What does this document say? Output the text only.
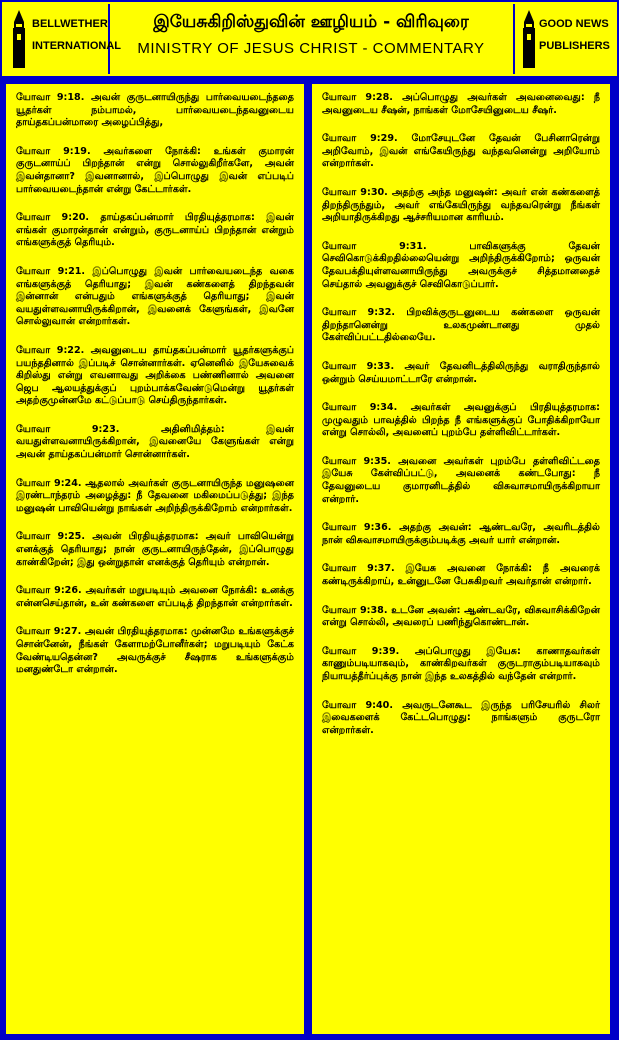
BELLWETHER
INTERNATIONAL
இயேசுகிறிஸ்துவின் ஊழியம் - விரிவுரை
MINISTRY OF JESUS CHRIST - COMMENTARY
GOOD NEWS
PUBLISHERS

யோவா 9:18. அவன் குருடனாயிருந்து பார்வையடைந்ததை யூதர்கள் நம்பாமல், பார்வையடைந்தவனுடைய தாய்தகப்பன்மாரை அழைப்பித்து,

யோவா 9:19. அவர்களை நோக்கி: உங்கள் குமாரன் குருடனாய்ப் பிறந்தான் என்று சொல்லுகிறீர்களே, அவன் இவன்தானா? இவனானால், இப்பொழுது இவன் எப்படிப் பார்வையடைந்தான் என்று கேட்டார்கள்.

யோவா 9:20. தாய்தகப்பன்மார் பிரதியுத்தரமாக: இவன் எங்கள் குமாரன்தான் என்றும், குருடனாய்ப் பிறந்தான் என்றும் எங்களுக்குத் தெரியும்.

யோவா 9:21. இப்பொழுது இவன் பார்வையடைந்த வகை எங்களுக்குத் தெரியாது; இவன் கண்களைத் திறந்தவன் இன்னான் என்பதும் எங்களுக்குத் தெரியாது; இவன் வயதுள்ளவனாயிருக்கிறான், இவனைக் கேளுங்கள், இவனே சொல்லுவான் என்றார்கள்.

யோவா 9:22. அவனுடைய தாய்தகப்பன்மார் யூதர்களுக்குப் பயந்ததினால் இப்படிச் சொன்னார்கள். ஏனெனில் இயேசுவைக் கிறிஸ்து என்று எவனாவது அறிக்கை பண்ணினால் அவனை ஜெப ஆலயத்துக்குப் புறம்பாக்கவேண்டுமென்று யூதர்கள் அதற்குமுன்னமே கட்டுப்பாடு செய்திருந்தார்கள்.

யோவா 9:23. அதினிமித்தம்: இவன் வயதுள்ளவனாயிருக்கிறான், இவனையே கேளுங்கள் என்று அவன் தாய்தகப்பன்மார் சொன்னார்கள்.

யோவா 9:24. ஆதலால் அவர்கள் குருடனாயிருந்த மனுஷனை இரண்டாந்தரம் அழைத்து: நீ தேவனை மகிமைப்படுத்து; இந்த மனுஷன் பாவியென்று நாங்கள் அறிந்திருக்கிறோம் என்றார்கள்.

யோவா 9:25. அவன் பிரதியுத்தரமாக: அவர் பாவியென்று எனக்குத் தெரியாது; நான் குருடனாயிருந்தேன், இப்பொழுது காண்கிறேன்; இது ஒன்றுதான் எனக்குத் தெரியும் என்றான்.

யோவா 9:26. அவர்கள் மறுபடியும் அவனை நோக்கி: உனக்கு என்னசெய்தான், உன் கண்களை எப்படித் திறந்தான் என்றார்கள்.

யோவா 9:27. அவன் பிரதியுத்தரமாக: முன்னமே உங்களுக்குச் சொன்னேன், நீங்கள் கேளாமற்போனீர்கள்; மறுபடியும் கேட்க வேண்டியதென்ன? அவருக்குச் சீஷராக உங்களுக்கும் மனதுண்டோ என்றான்.

யோவா 9:28. அப்பொழுது அவர்கள் அவனைவைது: நீ அவனுடைய சீஷன், நாங்கள் மோசேயினுடைய சீஷர்.

யோவா 9:29. மோசேயுடனே தேவன் பேசினாரென்று அறிவோம், இவன் எங்கேயிருந்து வந்தவனென்று அறியோம் என்றார்கள்.

யோவா 9:30. அதற்கு அந்த மனுஷன்: அவர் என் கண்களைத் திறந்திருந்தும், அவர் எங்கேயிருந்து வந்தவரென்று நீங்கள் அறியாதிருக்கிறது ஆச்சரியமான காரியம்.

யோவா 9:31. பாவிகளுக்கு தேவன் செவிகொடுக்கிறதில்லையென்று அறிந்திருக்கிறோம்; ஒருவன் தேவபக்தியுள்ளவனாயிருந்து அவருக்குச் சித்தமானதைச் செய்தால் அவனுக்குச் செவிகொடுப்பார்.

யோவா 9:32. பிறவிக்குருடனுடைய கண்களை ஒருவன் திறந்தானென்று உலகமுண்டானது முதல் கேள்விப்பட்டதில்லையே.

யோவா 9:33. அவர் தேவனிடத்திலிருந்து வராதிருந்தால் ஒன்றும் செய்யமாட்டாரே என்றான்.

யோவா 9:34. அவர்கள் அவனுக்குப் பிரதியுத்தரமாக: முழுவதும் பாவத்தில் பிறந்த நீ எங்களுக்குப் போதிக்கிறாயோ என்று சொல்லி, அவனைப் புறம்பே தள்ளிவிட்டார்கள்.

யோவா 9:35. அவனை அவர்கள் புறம்பே தள்ளிவிட்டதை இயேசு கேள்விப்பட்டு, அவனைக் கண்டபோது: நீ தேவனுடைய குமாரனிடத்தில் விசுவாசமாயிருக்கிறாயா என்றார்.

யோவா 9:36. அதற்கு அவன்: ஆண்டவரே, அவரிடத்தில் நான் விசுவாசமாயிருக்கும்படிக்கு அவர் யார் என்றான்.

யோவா 9:37. இயேசு அவனை நோக்கி: நீ அவரைக் கண்டிருக்கிறாய், உன்னுடனே பேசுகிறவர் அவர்தான் என்றார்.

யோவா 9:38. உடனே அவன்: ஆண்டவரே, விசுவாசிக்கிறேன் என்று சொல்லி, அவரைப் பணிந்துகொண்டான்.

யோவா 9:39. அப்பொழுது இயேசு: காணாதவர்கள் காணும்படியாகவும், காண்கிறவர்கள் குருடராகும்படியாகவும் நியாயத்தீர்ப்புக்கு நான் இந்த உலகத்தில் வந்தேன் என்றார்.

யோவா 9:40. அவருடனேகூட இருந்த பரிசேயரில் சிலர் இவைகளைக் கேட்டபொழுது: நாங்களும் குருடரோ என்றார்கள்.
